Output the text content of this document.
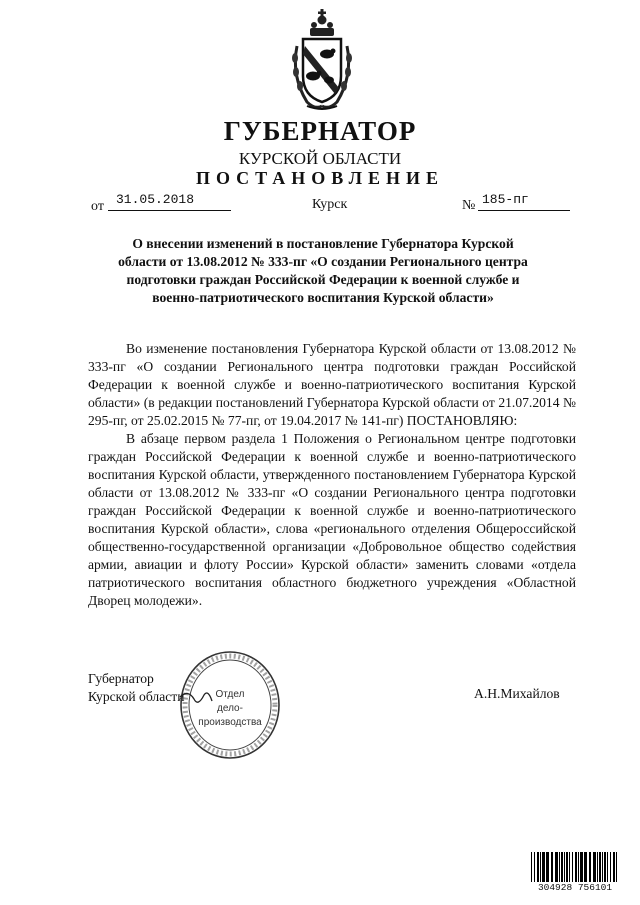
ГУБЕРНАТОР
КУРСКОЙ ОБЛАСТИ
ПОСТАНОВЛЕНИЕ
от 31.05.2018	Курск	№ 185-пг
О внесении изменений в постановление Губернатора Курской
области от 13.08.2012 № 333-пг «О создании Регионального центра
подготовки граждан Российской Федерации к военной службе и
военно-патриотического воспитания Курской области»

Во изменение постановления Губернатора Курской области от 13.08.2012 № 333-пг «О создании Регионального центра подготовки граждан Российской Федерации к военной службе и военно-патриотического воспитания Курской области» (в редакции постановлений Губернатора Курской области от 21.07.2014 № 295-пг, от 25.02.2015 № 77-пг, от 19.04.2017 № 141-пг) ПОСТАНОВЛЯЮ:

В абзаце первом раздела 1 Положения о Региональном центре подготовки граждан Российской Федерации к военной службе и военно-патриотического воспитания Курской области, утвержденного постановлением Губернатора Курской области от 13.08.2012 № 333-пг «О создании Регионального центра подготовки граждан Российской Федерации к военной службе и военно-патриотического воспитания Курской области», слова «регионального отделения Общероссийской общественно-государственной организации «Добровольное общество содействия армии, авиации и флоту России» Курской области» заменить словами «отдела патриотического воспитания областного бюджетного учреждения «Областной Дворец молодежи».

Губернатор
Курской области	А.Н.Михайлов
Отдел
дело-
производства
304928 756101
